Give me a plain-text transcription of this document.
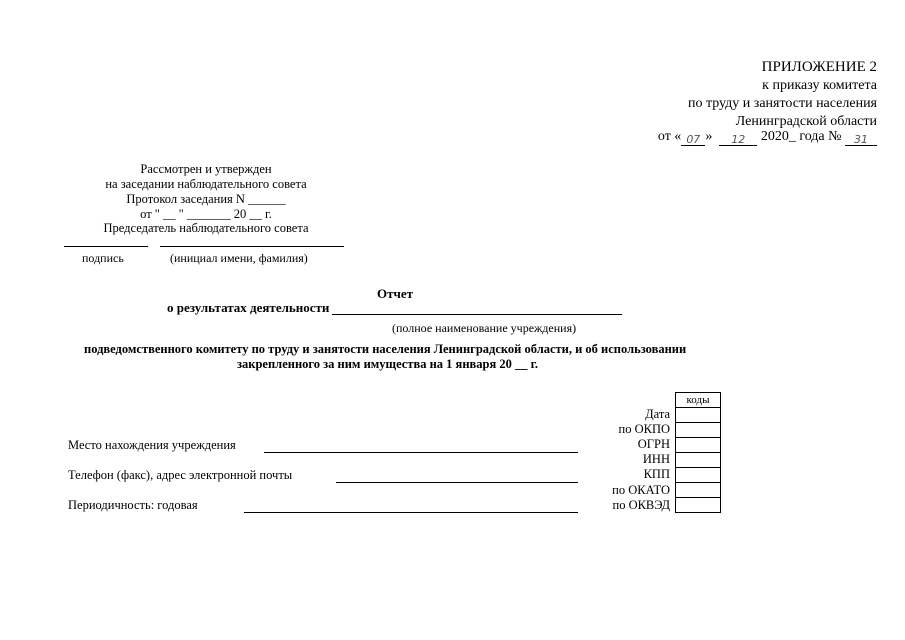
ПРИЛОЖЕНИЕ 2
к приказу комитета
по труду и занятости населения
Ленинградской области
от « 07 » 12 2020_ года № 31
Рассмотрен и утвержден
на заседании наблюдательного совета
Протокол заседания N ______
от " __ " _______ 20 __ г.
Председатель наблюдательного совета
подпись	(инициал имени, фамилия)
Отчет
о результатах деятельности
(полное наименование учреждения)
подведомственного комитету по труду и занятости населения Ленинградской области, и об использовании
закрепленного за ним имущества на 1 января 20 __ г.
коды

Дата
по ОКПО
ОГРН
ИНН
КПП
по ОКАТО
по ОКВЭД
Место нахождения учреждения
Телефон (факс), адрес электронной почты
Периодичность: годовая
